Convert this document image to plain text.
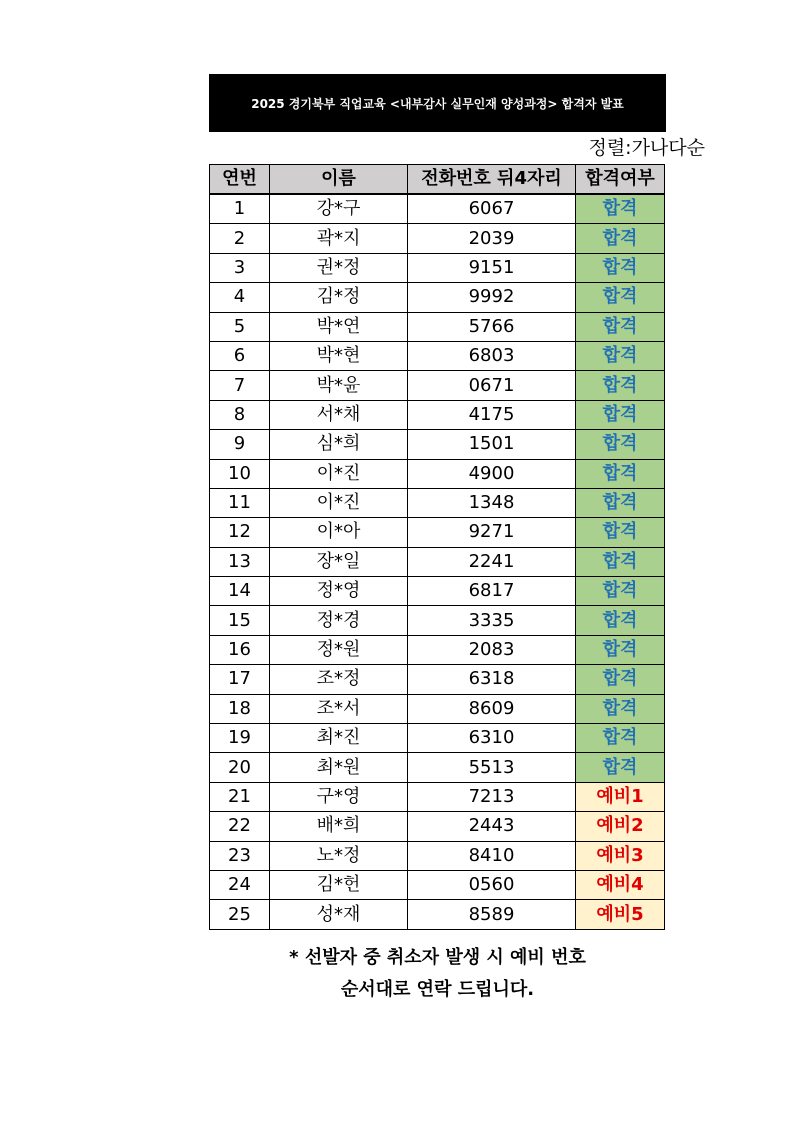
2025 경기북부 직업교육 <내부감사 실무인재 양성과정> 합격자 발표
정렬:가나다순
연번	이름	전화번호 뒤4자리	합격여부
1	강*구	6067	합격
2	곽*지	2039	합격
3	권*정	9151	합격
4	김*정	9992	합격
5	박*연	5766	합격
6	박*현	6803	합격
7	박*윤	0671	합격
8	서*채	4175	합격
9	심*희	1501	합격
10	이*진	4900	합격
11	이*진	1348	합격
12	이*아	9271	합격
13	장*일	2241	합격
14	정*영	6817	합격
15	정*경	3335	합격
16	정*원	2083	합격
17	조*정	6318	합격
18	조*서	8609	합격
19	최*진	6310	합격
20	최*원	5513	합격
21	구*영	7213	예비1
22	배*희	2443	예비2
23	노*정	8410	예비3
24	김*헌	0560	예비4
25	성*재	8589	예비5
* 선발자 중 취소자 발생 시 예비 번호
순서대로 연락 드립니다.
